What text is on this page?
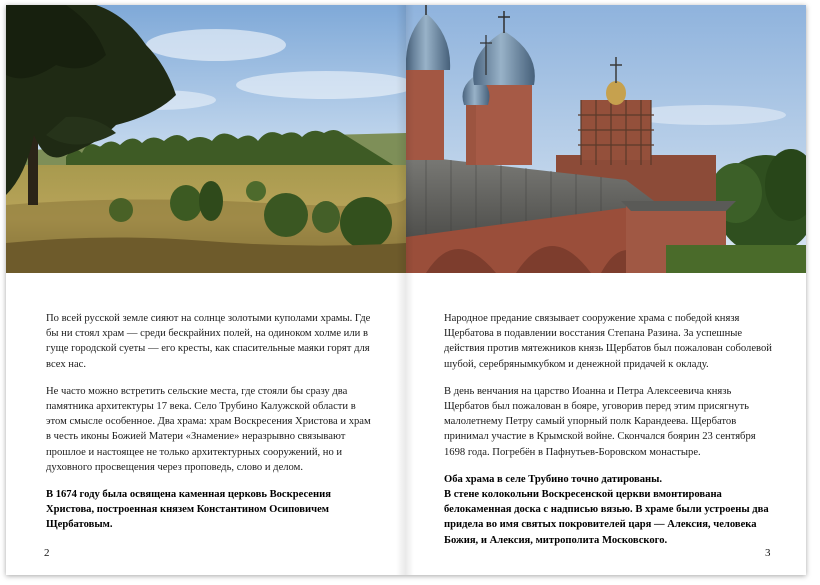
По всей русской земле сияют на солнце золотыми куполами храмы. Где бы ни стоял храм — среди бескрайних полей, на одиноком холме или в гуще городской суеты — его кресты, как спасительные маяки горят для всех нас.

Не часто можно встретить сельские места, где стояли бы сразу два памятника архитектуры 17 века. Село Трубино Калужской области в этом смысле особенное. Два храма: храм Воскресения Христова и храм в честь иконы Божией Матери «Знамение» неразрывно связывают прошлое и настоящее не только архитектурных сооружений, но и духовного просвещения через проповедь, слово и делом.

В 1674 году была освящена каменная церковь Воскресения Христова, построенная князем Константином Осиповичем Щербатовым.

2

Народное предание связывает сооружение храма с победой князя Щербатова в подавлении восстания Степана Разина. За успешные действия против мятежников князь Щербатов был пожалован соболевой шубой, серебрянымкубком и денежной придачей к окладу.

В день венчания на царство Иоанна и Петра Алексеевича князь Щербатов был пожалован в бояре, уговорив перед этим присягнуть малолетнему Петру самый упорный полк Карандеева. Щербатов принимал участие в Крымской войне. Скончался боярин 23 сентября 1698 года. Погребён в Пафнутьев-Боровском монастыре.

Оба храма в селе Трубино точно датированы.
В стене колокольни Воскресенской церкви вмонтирована белокаменная доска с надписью вязью. В храме были устроены два придела во имя святых покровителей царя — Алексия, человека Божия, и Алексия, митрополита Московского.

3
